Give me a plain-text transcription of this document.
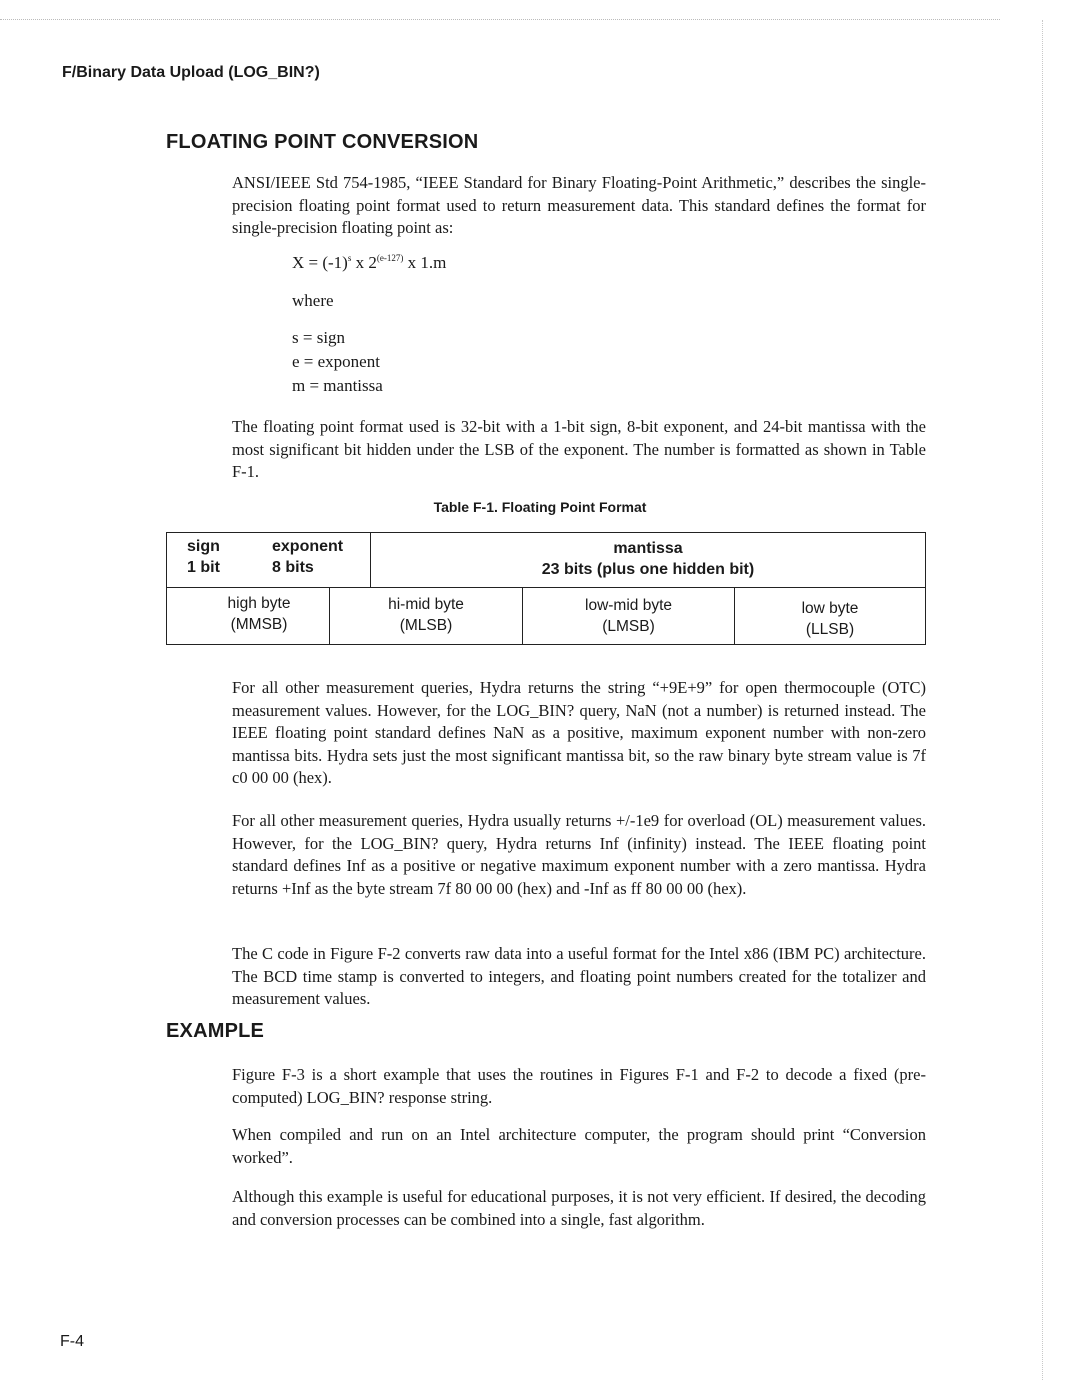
F/Binary Data Upload (LOG_BIN?)
FLOATING POINT CONVERSION

ANSI/IEEE Std 754-1985, “IEEE Standard for Binary Floating-Point Arithmetic,” describes the single-precision floating point format used to return measurement data. This standard defines the format for single-precision floating point as:

$X = (-1)^s$ x 2$^{(e-127)}$ x 1.m
where
s = sign
e = exponent
m = mantissa

The floating point format used is 32-bit with a 1-bit sign, 8-bit exponent, and 24-bit mantissa with the most significant bit hidden under the LSB of the exponent. The number is formatted as shown in Table F-1.

Table F-1. Floating Point Format
sign
1 bit
exponent
8 bits
mantissa
23 bits (plus one hidden bit)
high byte
(MMSB)
hi-mid byte
(MLSB)
low-mid byte
(LMSB)
low byte
(LLSB)

For all other measurement queries, Hydra returns the string “+9E+9” for open thermocouple (OTC) measurement values. However, for the LOG_BIN? query, NaN (not a number) is returned instead. The IEEE floating point standard defines NaN as a positive, maximum exponent number with non-zero mantissa bits. Hydra sets just the most significant mantissa bit, so the raw binary byte stream value is 7f c0 00 00 (hex).

For all other measurement queries, Hydra usually returns +/-1e9 for overload (OL) measurement values. However, for the LOG_BIN? query, Hydra returns Inf (infinity) instead. The IEEE floating point standard defines Inf as a positive or negative maximum exponent number with a zero mantissa. Hydra returns +Inf as the byte stream 7f 80 00 00 (hex) and -Inf as ff 80 00 00 (hex).

The C code in Figure F-2 converts raw data into a useful format for the Intel x86 (IBM PC) architecture. The BCD time stamp is converted to integers, and floating point numbers created for the totalizer and measurement values.

EXAMPLE

Figure F-3 is a short example that uses the routines in Figures F-1 and F-2 to decode a fixed (pre-computed) LOG_BIN? response string.

When compiled and run on an Intel architecture computer, the program should print “Conversion worked”.

Although this example is useful for educational purposes, it is not very efficient. If desired, the decoding and conversion processes can be combined into a single, fast algorithm.

F-4
